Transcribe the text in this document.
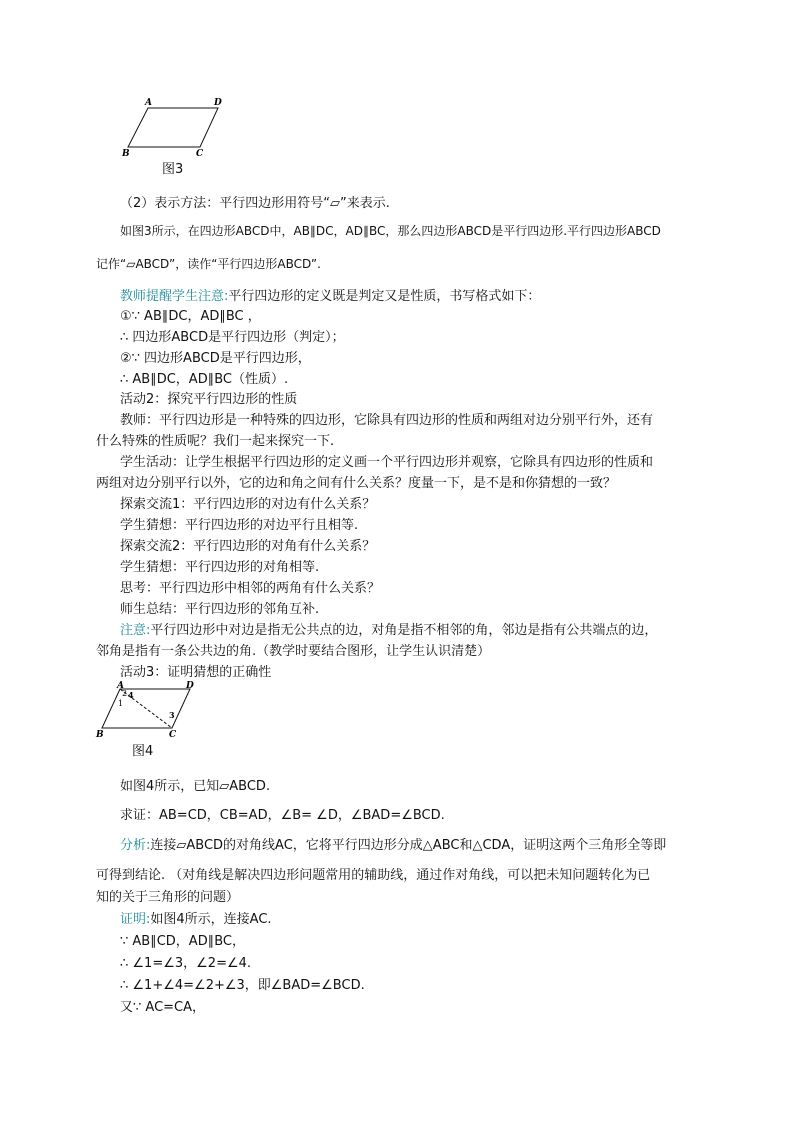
A	D
B	C
图3
（2）表示方法：平行四边形用符号“▱”来表示.
如图3所示，在四边形ABCD中，AB∥DC，AD∥BC，那么四边形ABCD是平行四边形.平行四边形ABCD
记作“▱ABCD”，读作“平行四边形ABCD”.
教师提醒学生注意:平行四边形的定义既是判定又是性质，书写格式如下：
①∵ AB∥DC，AD∥BC ，
∴ 四边形ABCD是平行四边形（判定）；
②∵ 四边形ABCD是平行四边形，
∴ AB∥DC，AD∥BC（性质）.
活动2：探究平行四边形的性质
教师：平行四边形是一种特殊的四边形，它除具有四边形的性质和两组对边分别平行外，还有
什么特殊的性质呢？我们一起来探究一下.
学生活动：让学生根据平行四边形的定义画一个平行四边形并观察，它除具有四边形的性质和
两组对边分别平行以外，它的边和角之间有什么关系？度量一下，是不是和你猜想的一致？
探索交流1：平行四边形的对边有什么关系？
学生猜想：平行四边形的对边平行且相等.
探索交流2：平行四边形的对角有什么关系？
学生猜想：平行四边形的对角相等.
思考：平行四边形中相邻的两角有什么关系？
师生总结：平行四边形的邻角互补.
注意:平行四边形中对边是指无公共点的边，对角是指不相邻的角，邻边是指有公共端点的边，
邻角是指有一条公共边的角.（教学时要结合图形，让学生认识清楚）
活动3：证明猜想的正确性
A	D
B	C
1
2 4
3
图4
如图4所示，已知▱ABCD.
求证：AB=CD，CB=AD，∠B= ∠D，∠BAD=∠BCD.
分析:连接▱ABCD的对角线AC，它将平行四边形分成△ABC和△CDA，证明这两个三角形全等即
可得到结论. （对角线是解决四边形问题常用的辅助线，通过作对角线，可以把未知问题转化为已
知的关于三角形的问题）
证明:如图4所示，连接AC.
∵ AB∥CD，AD∥BC，
∴ ∠1=∠3，∠2=∠4.
∴ ∠1+∠4=∠2+∠3，即∠BAD=∠BCD.
又∵ AC=CA，
